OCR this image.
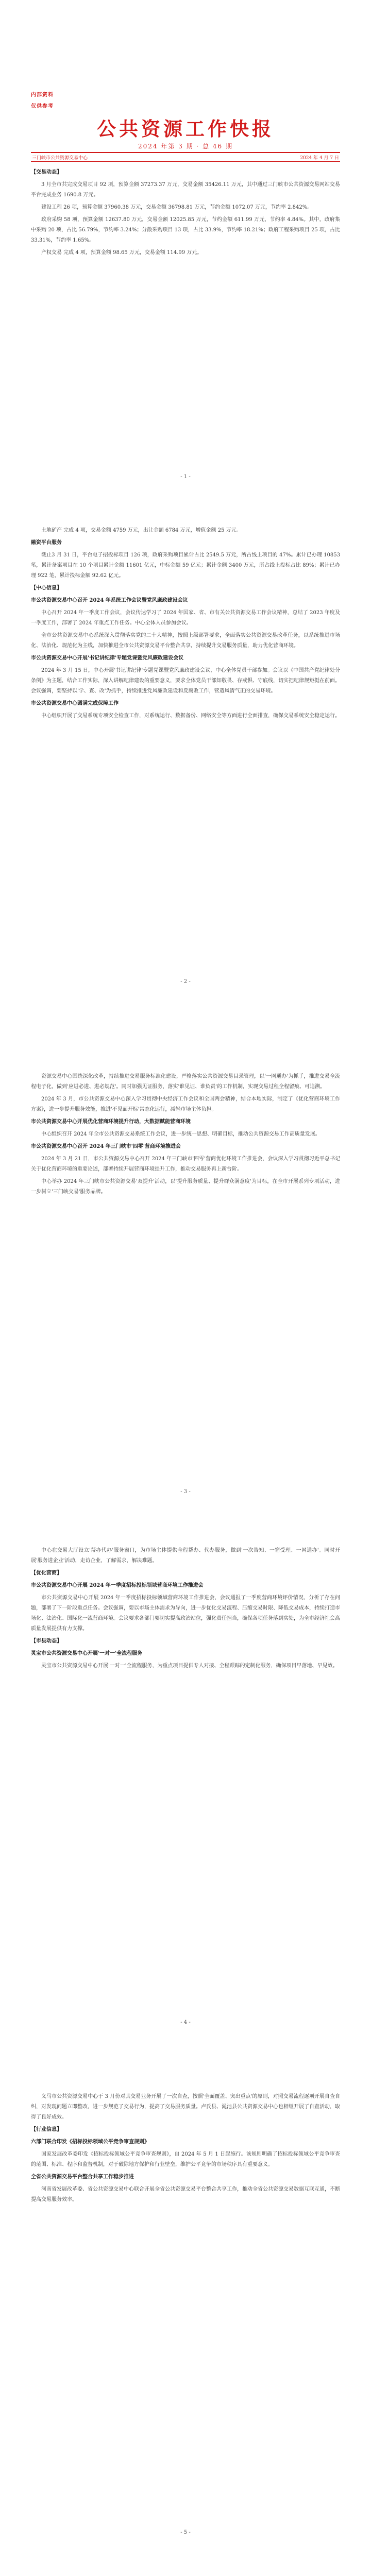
内部资料
仅供参考
公共资源工作快报
2024 年第 3 期 · 总 46 期
三门峡市公共资源交易中心	2024 年 4 月 7 日

【交易动态】

3 月全市共完成交易项目 92 项，预算金额 37273.37 万元，交易金额 35426.11 万元，其中通过三门峡市公共资源交易网站交易平台完成业务 1690.8 万元。

建设工程 26 项，预算金额 37960.38 万元，交易金额 36798.81 万元，节约金额 1072.07 万元，节约率 2.842%。

政府采购 58 项，预算金额 12637.80 万元，交易金额 12025.85 万元，节约金额 611.99 万元，节约率 4.84%。其中，政府集中采购 20 项，占比 56.79%，节约率 3.24%；分散采购项目 13 项，占比 33.9%，节约率 18.21%；政府工程采购项目 25 项，占比 33.31%，节约率 1.65%。

产权交易 完成 4 项，预算金额 98.65 万元，交易金额 114.99 万元。

- 1 -

土地矿产 完成 4 项，交易金额 4759 万元，出让金额 6784 万元，增值金额 25 万元。

融资平台服务

截止3 月 31 日，平台电子招投标项目 126 项，政府采购项目累计占比 2549.5 万元，所占线上项目的 47%。累计已办理 10853 笔，累计备案项目在 10 个项目累计金额 11601 亿元，中标金额 59 亿元；累计金额 3400 万元，所占线上投标占比 89%；累计已办理 922 笔，累计投标金额 92.62 亿元。

【中心信息】

市公共资源交易中心召开 2024 年系统工作会议暨党风廉政建设会议

中心召开 2024 年一季度工作会议，会议传达学习了 2024 年国家、省、市有关公共资源交易工作会议精神，总结了 2023 年度及一季度工作，部署了 2024 年重点工作任务。中心全体人员参加会议。

全市公共资源交易中心系统深入贯彻落实党的二十大精神，按照上级部署要求，全面落实公共资源交易改革任务，以系统推进市场化、法治化、规范化为主线，加快推进全市公共资源交易平台整合共享，持续提升交易服务质量，助力优化营商环境。

市公共资源交易中心开展'书记讲纪律'专题党课暨党风廉政建设会议

2024 年 3 月 15 日，中心开展'书记讲纪律'专题党课暨党风廉政建设会议，中心全体党员干部参加。会议以《中国共产党纪律处分条例》为主题，结合工作实际，深入讲解纪律建设的重要意义，要求全体党员干部知敬畏、存戒惧、守底线，切实把纪律规矩挺在前面。会议强调，要坚持以'学、查、改'为抓手，持续推进党风廉政建设和反腐败工作，营造风清气正的交易环境。

市公共资源交易中心圆满完成保障工作

中心组织开展了交易系统专项安全检查工作，对系统运行、数据备份、网络安全等方面进行全面排查，确保交易系统安全稳定运行。

- 2 -

资源交易中心围绕深化改革，持续推进交易服务标准化建设，严格落实公共资源交易目录管理，以'一网通办'为抓手，推进交易全流程电子化，做到'应进必进、进必规范'。同时加强见证服务，落实'谁见证、谁负责'的工作机制，实现交易过程全程留痕、可追溯。

2024 年 3 月，市公共资源交易中心深入学习贯彻中央经济工作会议和全国两会精神，结合本地实际，制定了《优化营商环境工作方案》，进一步提升服务效能，推进'不见面开标'常态化运行，减轻市场主体负担。

市公共资源交易中心开展优化营商环境提升行动，大数据赋能营商环境

中心组织召开 2024 年全市公共资源交易系统工作会议，进一步统一思想、明确目标，推动公共资源交易工作高质量发展。

市公共资源交易中心召开 2024 年三门峡市'四零'营商环境推进会

2024 年 3 月 21 日，市公共资源交易中心召开 2024 年三门峡市'四零'营商优化环境工作推进会，会议深入学习贯彻习近平总书记关于优化营商环境的重要论述，部署持续开展营商环境提升工作，推动交易服务再上新台阶。

中心举办 2024 年三门峡市公共资源交易'双提升'活动，以'提升服务质量、提升群众满意度'为目标，在全市开展系列专项活动，进一步树立'三门峡交易'服务品牌。

- 3 -

中心在交易大厅设立'帮办代办'服务窗口，为市场主体提供全程帮办、代办服务，做到'一次告知、一窗受理、一网通办'。同时开展'服务进企业'活动，走访企业，了解需求，解决难题。

【优化营商】

市公共资源交易中心开展 2024 年一季度招标投标领域营商环境工作推进会

市公共资源交易中心开展 2024 年一季度招标投标领域营商环境工作推进会，会议通报了一季度营商环境评价情况，分析了存在问题，部署了下一阶段重点任务。会议强调，要以市场主体需求为导向，进一步优化交易流程、压缩交易时限、降低交易成本，持续打造市场化、法治化、国际化一流营商环境。会议要求各部门要切实提高政治站位，强化责任担当，确保各项任务落到实处，为全市经济社会高质量发展提供有力支撑。

【市县动态】

灵宝市公共资源交易中心开展'一对一'全流程服务

灵宝市公共资源交易中心开展'一对一'全流程服务，为重点项目提供专人对接、全程跟踪的定制化服务，确保项目早落地、早见效。

- 4 -

义马市公共资源交易中心于 3 月份对其交易业务开展了一次自查，按照'全面覆盖、突出重点'的原则，对照交易流程逐项开展自查自纠，对发现问题立即整改，进一步规范了交易行为，提高了交易服务质量。卢氏县、渑池县公共资源交易中心也相继开展了自查活动，取得了良好成效。

【行业信息】

六部门联合印发《招标投标领域公平竞争审查规则》

国家发展改革委印发《招标投标领域公平竞争审查规则》，自 2024 年 5 月 1 日起施行。该规则明确了招标投标领域公平竞争审查的范围、标准、程序和监督机制，对于破除地方保护和行业壁垒，维护公平竞争的市场秩序具有重要意义。

全省公共资源交易平台整合共享工作稳步推进

河南省发展改革委、省公共资源交易中心联合开展全省公共资源交易平台整合共享工作，推动全省公共资源交易数据互联互通，不断提高交易服务效率。

- 5 -
